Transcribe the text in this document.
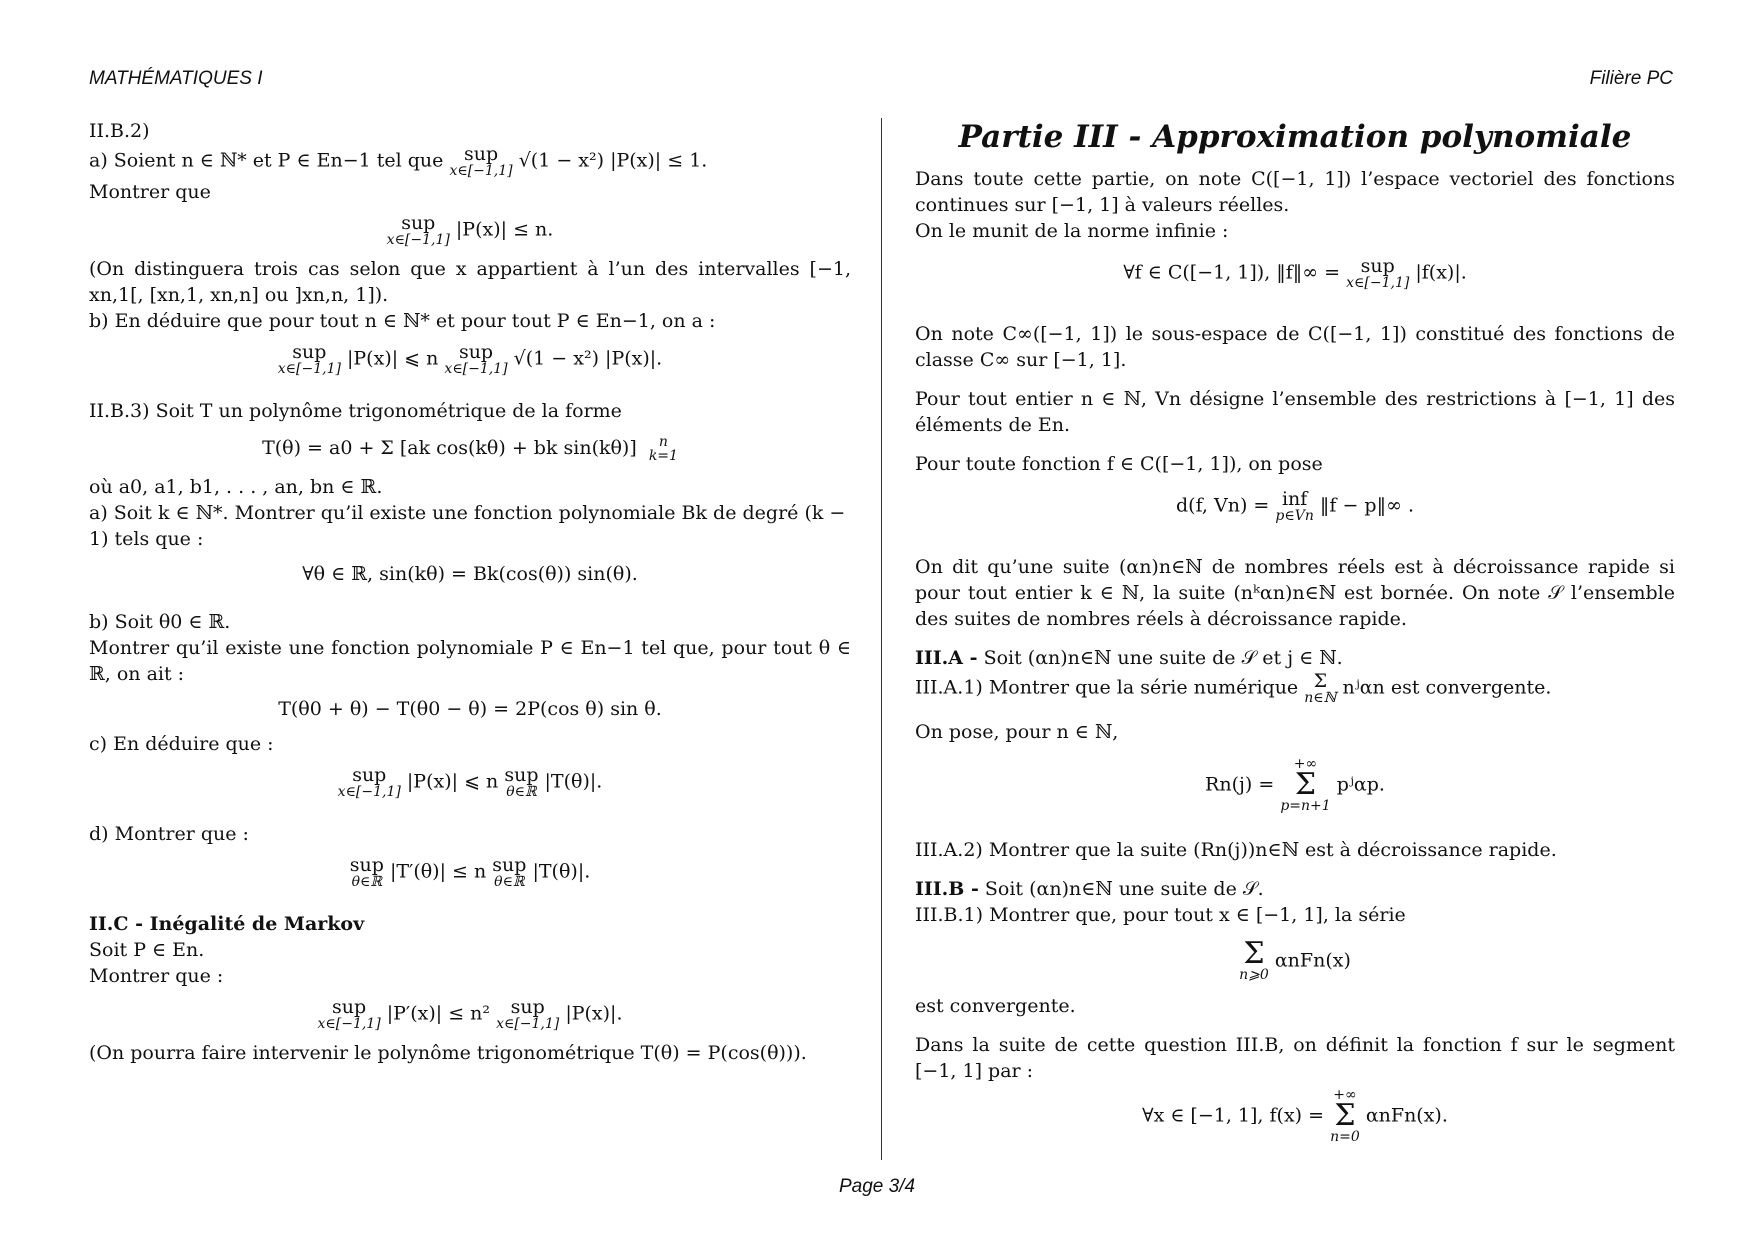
MATHÉMATIQUES I	Filière PC

II.B.2)

a) Soient n ∈ ℕ* et P ∈ En−1 tel que	sup
x∈[−1,1] √(1 − x²) |P(x)| ≤ 1.

Montrer que

sup
x∈[−1,1] |P(x)| ≤ n.

(On distinguera trois cas selon que x appartient à l’un des intervalles [−1, xn,1[, [xn,1, xn,n] ou ]xn,n, 1]).

b) En déduire que pour tout n ∈ ℕ* et pour tout P ∈ En−1, on a :

sup
x∈[−1,1] |P(x)| ⩽ n	sup
x∈[−1,1] √(1 − x²) |P(x)|.

II.B.3) Soit T un polynôme trigonométrique de la forme

T(θ) = a0 + Σ [ak cos(kθ) + bk sin(kθ)]	n
k=1

où a0, a1, b1, . . . , an, bn ∈ ℝ.

a) Soit k ∈ ℕ*. Montrer qu’il existe une fonction polynomiale Bk de degré (k − 1) tels que :

∀θ ∈ ℝ, sin(kθ) = Bk(cos(θ)) sin(θ).

b) Soit θ0 ∈ ℝ.

Montrer qu’il existe une fonction polynomiale P ∈ En−1 tel que, pour tout θ ∈ ℝ, on ait :

T(θ0 + θ) − T(θ0 − θ) = 2P(cos θ) sin θ.

c) En déduire que :

sup
x∈[−1,1] |P(x)| ⩽ n sup
θ∈ℝ |T(θ)|.

d) Montrer que :

sup
θ∈ℝ |T′(θ)| ≤ n sup
θ∈ℝ |T(θ)|.

II.C - Inégalité de Markov

Soit P ∈ En.

Montrer que :

sup
x∈[−1,1] |P′(x)| ≤ n²	sup
x∈[−1,1] |P(x)|.

(On pourra faire intervenir le polynôme trigonométrique T(θ) = P(cos(θ))).

Partie III - Approximation polynomiale

Dans toute cette partie, on note C([−1, 1]) l’espace vectoriel des fonctions continues sur [−1, 1] à valeurs réelles.

On le munit de la norme infinie :

∀f ∈ C([−1, 1]), ‖f‖∞ =	sup
x∈[−1,1] |f(x)|.

On note C∞([−1, 1]) le sous-espace de C([−1, 1]) constitué des fonctions de classe C∞ sur [−1, 1].

Pour tout entier n ∈ ℕ, Vn désigne l’ensemble des restrictions à [−1, 1] des éléments de En.

Pour toute fonction f ∈ C([−1, 1]), on pose

d(f, Vn) = inf
p∈Vn ‖f − p‖∞ .

On dit qu’une suite (αn)n∈ℕ de nombres réels est à décroissance rapide si pour tout entier k ∈ ℕ, la suite (nᵏαn)n∈ℕ est bornée. On note 𝒮 l’ensemble des suites de nombres réels à décroissance rapide.

III.A - Soit (αn)n∈ℕ une suite de 𝒮 et j ∈ ℕ.

III.A.1) Montrer que la série numérique Σ
n∈ℕ nʲαn est convergente.

On pose, pour n ∈ ℕ,

Rn(j) =
+∞
Σ
p=n+1
pʲαp.

III.A.2) Montrer que la suite (Rn(j))n∈ℕ est à décroissance rapide.

III.B - Soit (αn)n∈ℕ une suite de 𝒮.

III.B.1) Montrer que, pour tout x ∈ [−1, 1], la série

Σ
n⩾0
αnFn(x)

est convergente.

Dans la suite de cette question III.B, on définit la fonction f sur le segment [−1, 1] par :

∀x ∈ [−1, 1], f(x) =
+∞
Σ
n=0
αnFn(x).
Page 3/4
